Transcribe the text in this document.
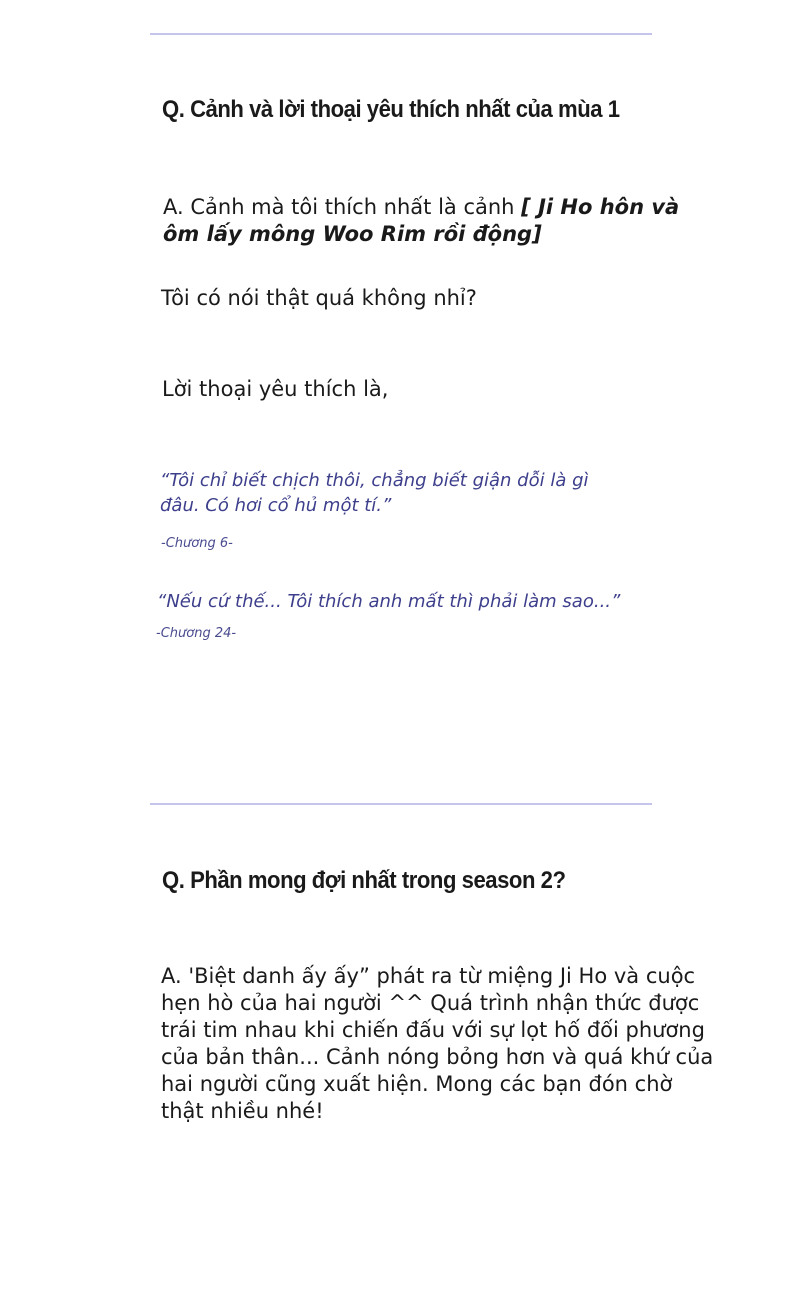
Q. Cảnh và lời thoại yêu thích nhất của mùa 1
A. Cảnh mà tôi thích nhất là cảnh [ Ji Ho hôn và
ôm lấy mông Woo Rim rồi động]
Tôi có nói thật quá không nhỉ?
Lời thoại yêu thích là,
“Tôi chỉ biết chịch thôi, chẳng biết giận dỗi là gì
đâu. Có hơi cổ hủ một tí.”
-Chương 6-
“Nếu cứ thế... Tôi thích anh mất thì phải làm sao...”
-Chương 24-
Q. Phần mong đợi nhất trong season 2?
A. 'Biệt danh ấy ấy” phát ra từ miệng Ji Ho và cuộc
hẹn hò của hai người ^^ Quá trình nhận thức được
trái tim nhau khi chiến đấu với sự lọt hố đối phương
của bản thân... Cảnh nóng bỏng hơn và quá khứ của
hai người cũng xuất hiện. Mong các bạn đón chờ
thật nhiều nhé!
